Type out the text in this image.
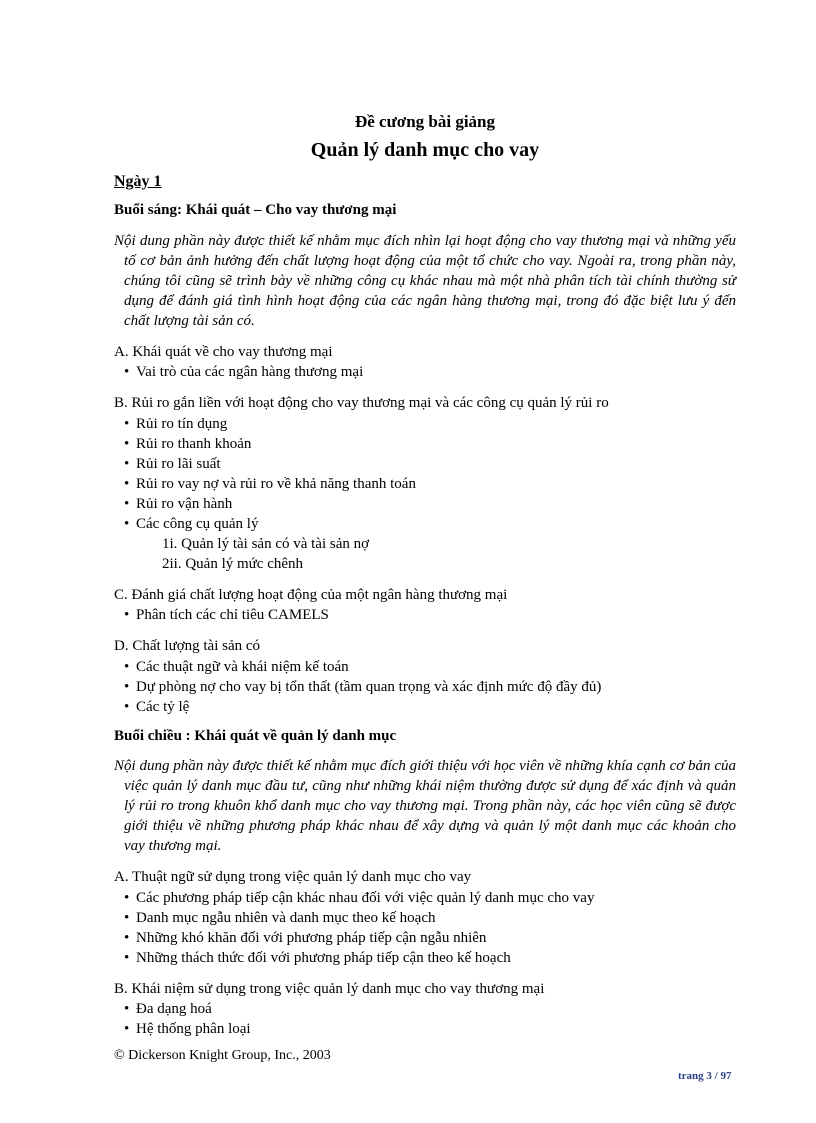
Đề cương bài giảng
Quản lý danh mục cho vay
Ngày 1
Buổi sáng: Khái quát – Cho vay thương mại
Nội dung phần này được thiết kế nhằm mục đích nhìn lại hoạt động cho vay thương mại và những yếu tố cơ bản ảnh hưởng đến chất lượng hoạt động của một tổ chức cho vay. Ngoài ra, trong phần này, chúng tôi cũng sẽ trình bày về những công cụ khác nhau mà một nhà phân tích tài chính thường sử dụng để đánh giá tình hình hoạt động của các ngân hàng thương mại, trong đó đặc biệt lưu ý đến chất lượng tài sản có.
A. Khái quát về cho vay thương mại
• Vai trò của các ngân hàng thương mại
B. Rủi ro gắn liền với hoạt động cho vay thương mại và các công cụ quản lý rủi ro
• Rủi ro tín dụng
• Rủi ro thanh khoản
• Rủi ro lãi suất
• Rủi ro vay nợ và rủi ro về khả năng thanh toán
• Rủi ro vận hành
• Các công cụ quản lý
1i. Quản lý tài sản có và tài sản nợ
2ii. Quản lý mức chênh
C. Đánh giá chất lượng hoạt động của một ngân hàng thương mại
• Phân tích các chỉ tiêu CAMELS
D. Chất lượng tài sản có
• Các thuật ngữ và khái niệm kế toán
• Dự phòng nợ cho vay bị tổn thất (tầm quan trọng và xác định mức độ đầy đủ)
• Các tỷ lệ
Buổi chiều : Khái quát về quản lý danh mục
Nội dung phần này được thiết kế nhằm mục đích giới thiệu với học viên về những khía cạnh cơ bản của việc quản lý danh mục đầu tư, cũng như những khái niệm thường được sử dụng để xác định và quản lý rủi ro trong khuôn khổ danh mục cho vay thương mại. Trong phần này, các học viên cũng sẽ được giới thiệu về những phương pháp khác nhau để xây dựng và quản lý một danh mục các khoản cho vay thương mại.
A. Thuật ngữ sử dụng trong việc quản lý danh mục cho vay
• Các phương pháp tiếp cận khác nhau đối với việc quản lý danh mục cho vay
• Danh mục ngẫu nhiên và danh mục theo kế hoạch
• Những khó khăn đối với phương pháp tiếp cận ngẫu nhiên
• Những thách thức đối với phương pháp tiếp cận theo kế hoạch
B. Khái niệm sử dụng trong việc quản lý danh mục cho vay thương mại
• Đa dạng hoá
• Hệ thống phân loại
© Dickerson Knight Group, Inc., 2003
trang 3 / 97
